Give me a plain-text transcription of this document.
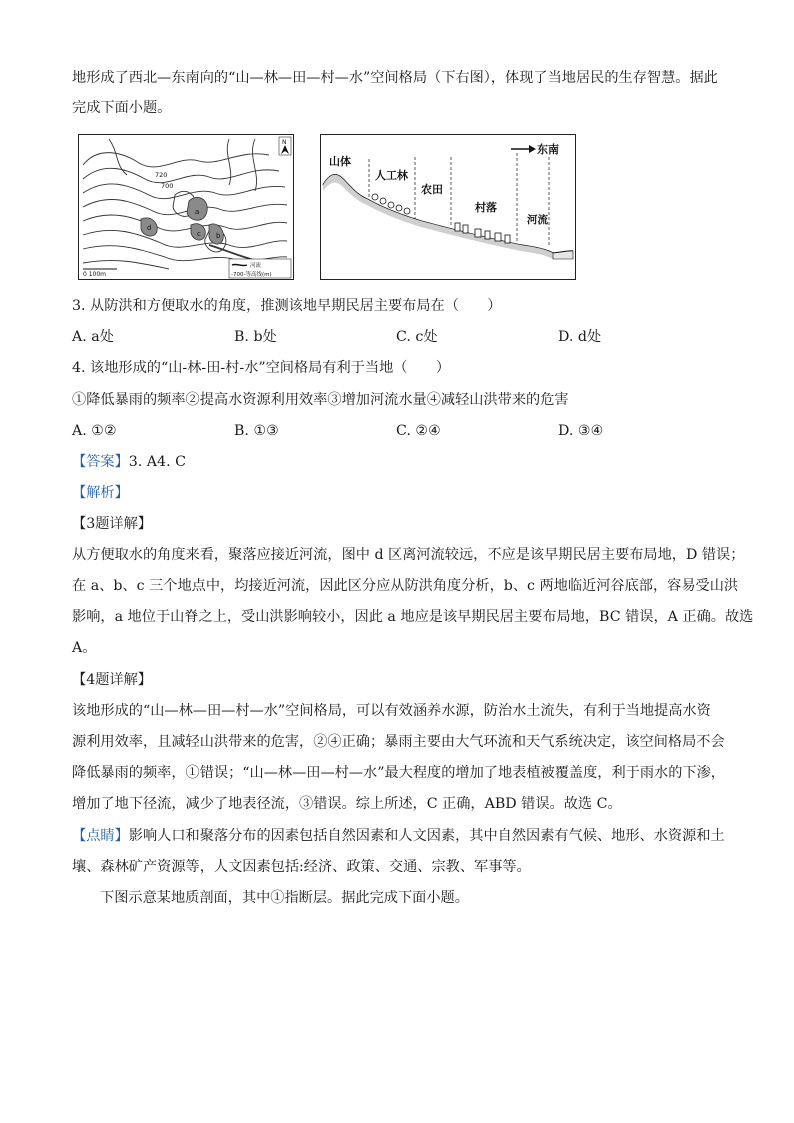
地形成了西北—东南向的“山—林—田—村—水”空间格局（下右图），体现了当地居民的生存智慧。据此
完成下面小题。
a
b
c
d
720
700
N
0 100m
河流
-700-等高线(m)
东南
山体
人工林
农田
村落
河流
3. 从防洪和方便取水的角度，推测该地早期民居主要布局在（　　）
A. a处	B. b处	C. c处	D. d处
4. 该地形成的“山-林-田-村-水”空间格局有利于当地（　　）
①降低暴雨的频率②提高水资源利用效率③增加河流水量④减轻山洪带来的危害
A. ①②	B. ①③	C. ②④	D. ③④
【答案】3. A4. C
【解析】
【3题详解】
从方便取水的角度来看，聚落应接近河流，图中 d 区离河流较远，不应是该早期民居主要布局地，D 错误；
在 a、b、c 三个地点中，均接近河流，因此区分应从防洪角度分析，b、c 两地临近河谷底部，容易受山洪
影响，a 地位于山脊之上，受山洪影响较小，因此 a 地应是该早期民居主要布局地，BC 错误，A 正确。故选
A。
【4题详解】
该地形成的“山—林—田—村—水”空间格局，可以有效涵养水源，防治水土流失，有利于当地提高水资
源利用效率，且减轻山洪带来的危害，②④正确；暴雨主要由大气环流和天气系统决定，该空间格局不会
降低暴雨的频率，①错误；“山—林—田—村—水”最大程度的增加了地表植被覆盖度，利于雨水的下渗，
增加了地下径流，减少了地表径流，③错误。综上所述，C 正确，ABD 错误。故选 C。
【点睛】影响人口和聚落分布的因素包括自然因素和人文因素，其中自然因素有气候、地形、水资源和土
壤、森林矿产资源等，人文因素包括:经济、政策、交通、宗教、军事等。
下图示意某地质剖面，其中①指断层。据此完成下面小题。
